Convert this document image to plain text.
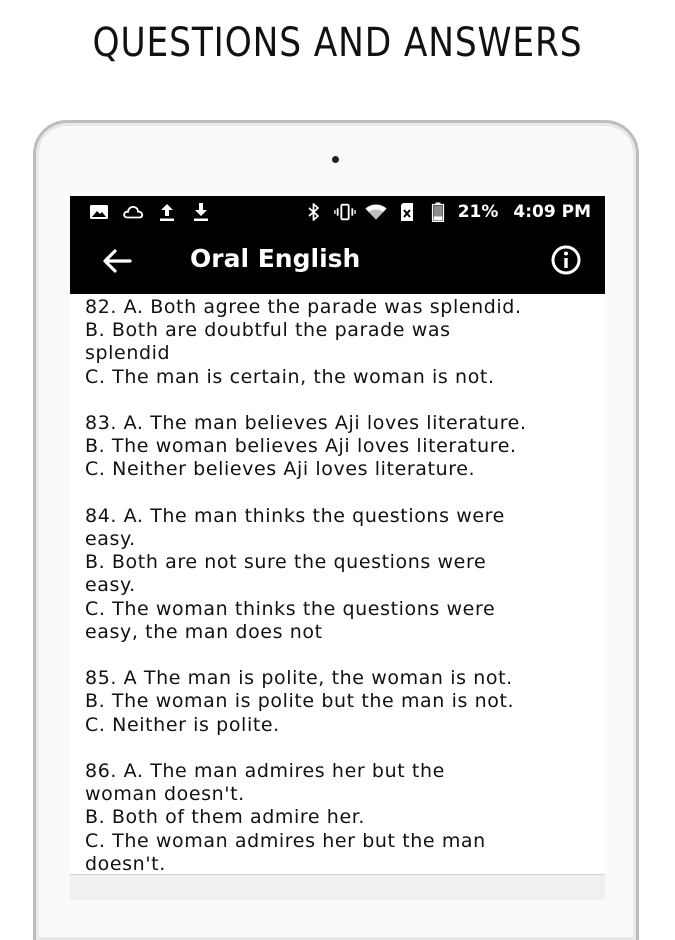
QUESTIONS AND ANSWERS
21% 4:09 PM
Oral English
82. A. Both agree the parade was splendid.
B. Both are doubtful the parade was
splendid
C. The man is certain, the woman is not.
83. A. The man believes Aji loves literature.
B. The woman believes Aji loves literature.
C. Neither believes Aji loves literature.
84. A. The man thinks the questions were
easy.
B. Both are not sure the questions were
easy.
C. The woman thinks the questions were
easy, the man does not
85. A The man is polite, the woman is not.
B. The woman is polite but the man is not.
C. Neither is polite.
86. A. The man admires her but the
woman doesn't.
B. Both of them admire her.
C. The woman admires her but the man
doesn't.
